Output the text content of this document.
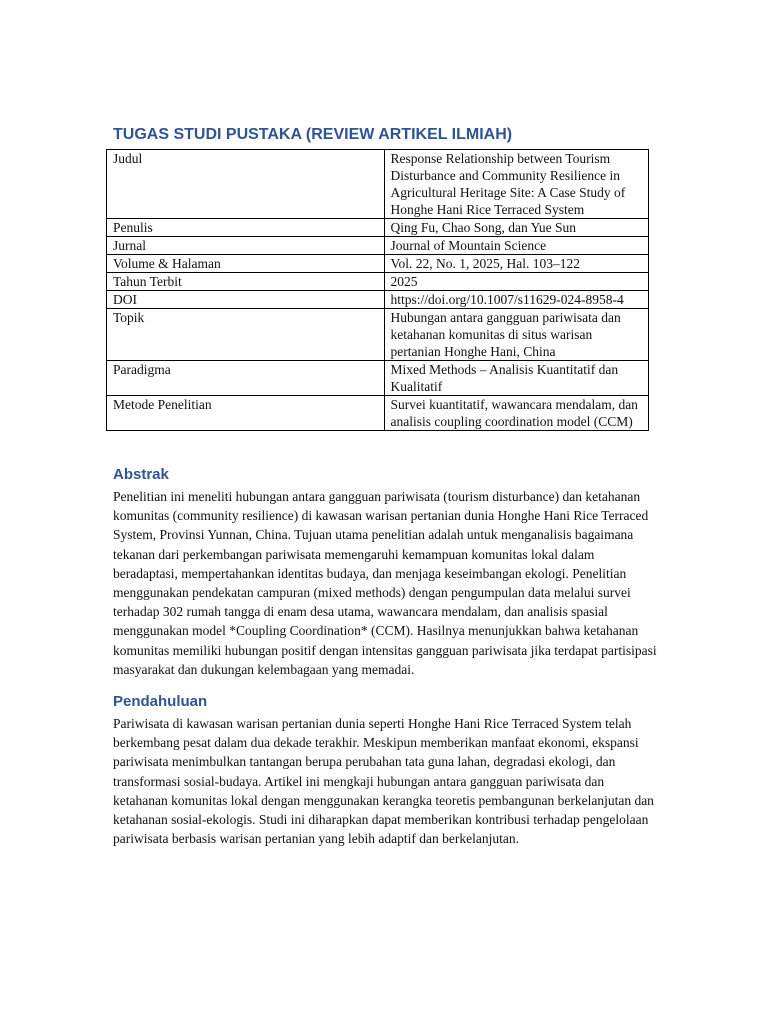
TUGAS STUDI PUSTAKA (REVIEW ARTIKEL ILMIAH)
Judul	Response Relationship between Tourism Disturbance and Community Resilience in Agricultural Heritage Site: A Case Study of Honghe Hani Rice Terraced System
Penulis	Qing Fu, Chao Song, dan Yue Sun
Jurnal	Journal of Mountain Science
Volume & Halaman	Vol. 22, No. 1, 2025, Hal. 103–122
Tahun Terbit	2025
DOI	https://doi.org/10.1007/s11629-024-8958-4
Topik	Hubungan antara gangguan pariwisata dan ketahanan komunitas di situs warisan pertanian Honghe Hani, China
Paradigma	Mixed Methods – Analisis Kuantitatif dan Kualitatif
Metode Penelitian	Survei kuantitatif, wawancara mendalam, dan analisis coupling coordination model (CCM)
Abstrak

Penelitian ini meneliti hubungan antara gangguan pariwisata (tourism disturbance) dan ketahanan komunitas (community resilience) di kawasan warisan pertanian dunia Honghe Hani Rice Terraced System, Provinsi Yunnan, China. Tujuan utama penelitian adalah untuk menganalisis bagaimana tekanan dari perkembangan pariwisata memengaruhi kemampuan komunitas lokal dalam beradaptasi, mempertahankan identitas budaya, dan menjaga keseimbangan ekologi. Penelitian menggunakan pendekatan campuran (mixed methods) dengan pengumpulan data melalui survei terhadap 302 rumah tangga di enam desa utama, wawancara mendalam, dan analisis spasial menggunakan model *Coupling Coordination* (CCM). Hasilnya menunjukkan bahwa ketahanan komunitas memiliki hubungan positif dengan intensitas gangguan pariwisata jika terdapat partisipasi masyarakat dan dukungan kelembagaan yang memadai.

Pendahuluan

Pariwisata di kawasan warisan pertanian dunia seperti Honghe Hani Rice Terraced System telah berkembang pesat dalam dua dekade terakhir. Meskipun memberikan manfaat ekonomi, ekspansi pariwisata menimbulkan tantangan berupa perubahan tata guna lahan, degradasi ekologi, dan transformasi sosial-budaya. Artikel ini mengkaji hubungan antara gangguan pariwisata dan ketahanan komunitas lokal dengan menggunakan kerangka teoretis pembangunan berkelanjutan dan ketahanan sosial-ekologis. Studi ini diharapkan dapat memberikan kontribusi terhadap pengelolaan pariwisata berbasis warisan pertanian yang lebih adaptif dan berkelanjutan.
